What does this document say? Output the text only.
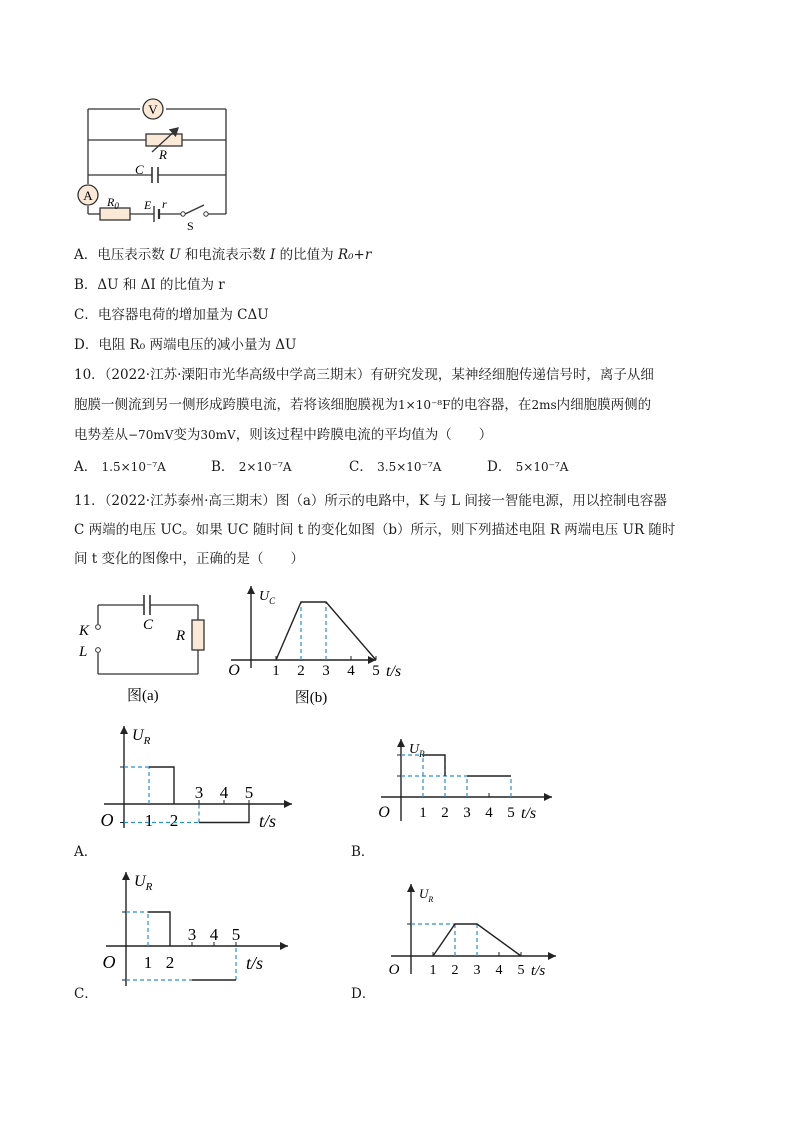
V
A
R
C
$R_0$ E r
S
A．电压表示数 U 和电流表示数 I 的比值为 R₀+r
B．ΔU 和 ΔI 的比值为 r
C．电容器电荷的增加量为 CΔU
D．电阻 R₀ 两端电压的减小量为 ΔU
10．（2022·江苏·溧阳市光华高级中学高三期末）有研究发现，某神经细胞传递信号时，离子从细
胞膜一侧流到另一侧形成跨膜电流，若将该细胞膜视为1×10⁻⁸F的电容器，在2ms内细胞膜两侧的
电势差从−70mV变为30mV，则该过程中跨膜电流的平均值为（　　）
A． 1.5×10⁻⁷A	B． 2×10⁻⁷A	C． 3.5×10⁻⁷A	D． 5×10⁻⁷A
11．（2022·江苏泰州·高三期末）图（a）所示的电路中，K 与 L 间接一智能电源，用以控制电容器
C 两端的电压 UC。如果 UC 随时间 t 的变化如图（b）所示，则下列描述电阻 R 两端电压 UR 随时
间 t 变化的图像中，正确的是（　　）
K
L
C
R
图(a)
1 2 3 4 5
O	t/s
$U_C$
图(b)
1 2
3 4 5
O	t/s
$U_R$
1 2 3 4 5
O	t/s
$U_R$
1 2
3 4 5
O	t/s
$U_R$
1 2 3 4 5
O	t/s
$U_R$
A．	B．
C．	D．
